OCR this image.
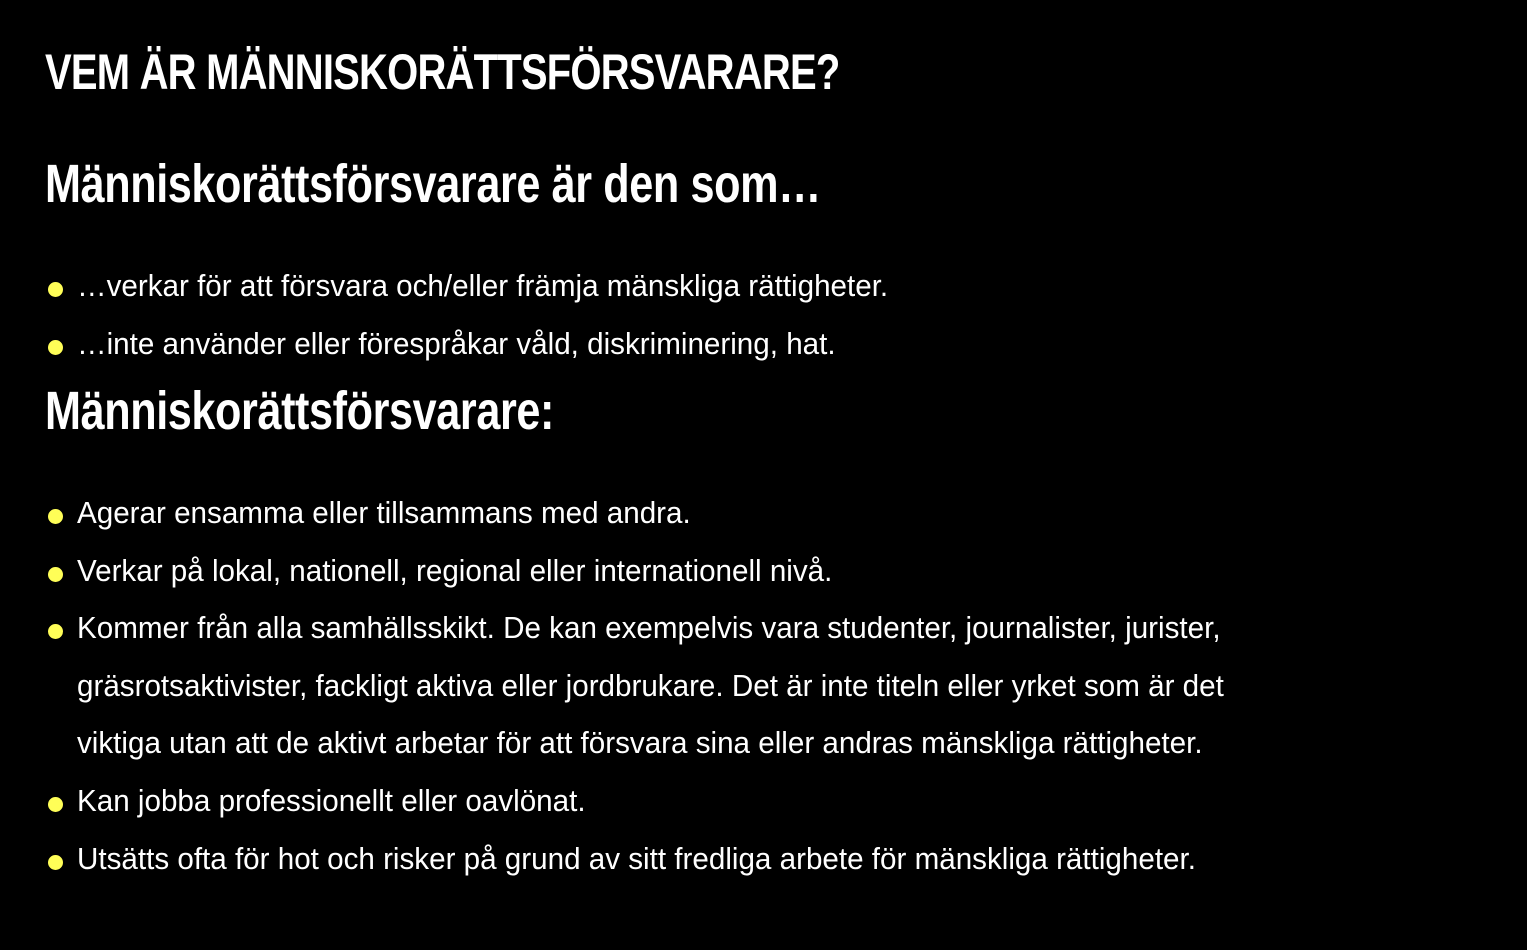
VEM ÄR MÄNNISKORÄTTSFÖRSVARARE?
Människorättsförsvarare är den som…
…verkar för att försvara och/eller främja mänskliga rättigheter.
…inte använder eller förespråkar våld, diskriminering, hat.
Människorättsförsvarare:
Agerar ensamma eller tillsammans med andra.
Verkar på lokal, nationell, regional eller internationell nivå.
Kommer från alla samhällsskikt. De kan exempelvis vara studenter, journalister, jurister,
gräsrotsaktivister, fackligt aktiva eller jordbrukare. Det är inte titeln eller yrket som är det
viktiga utan att de aktivt arbetar för att försvara sina eller andras mänskliga rättigheter.
Kan jobba professionellt eller oavlönat.
Utsätts ofta för hot och risker på grund av sitt fredliga arbete för mänskliga rättigheter.
